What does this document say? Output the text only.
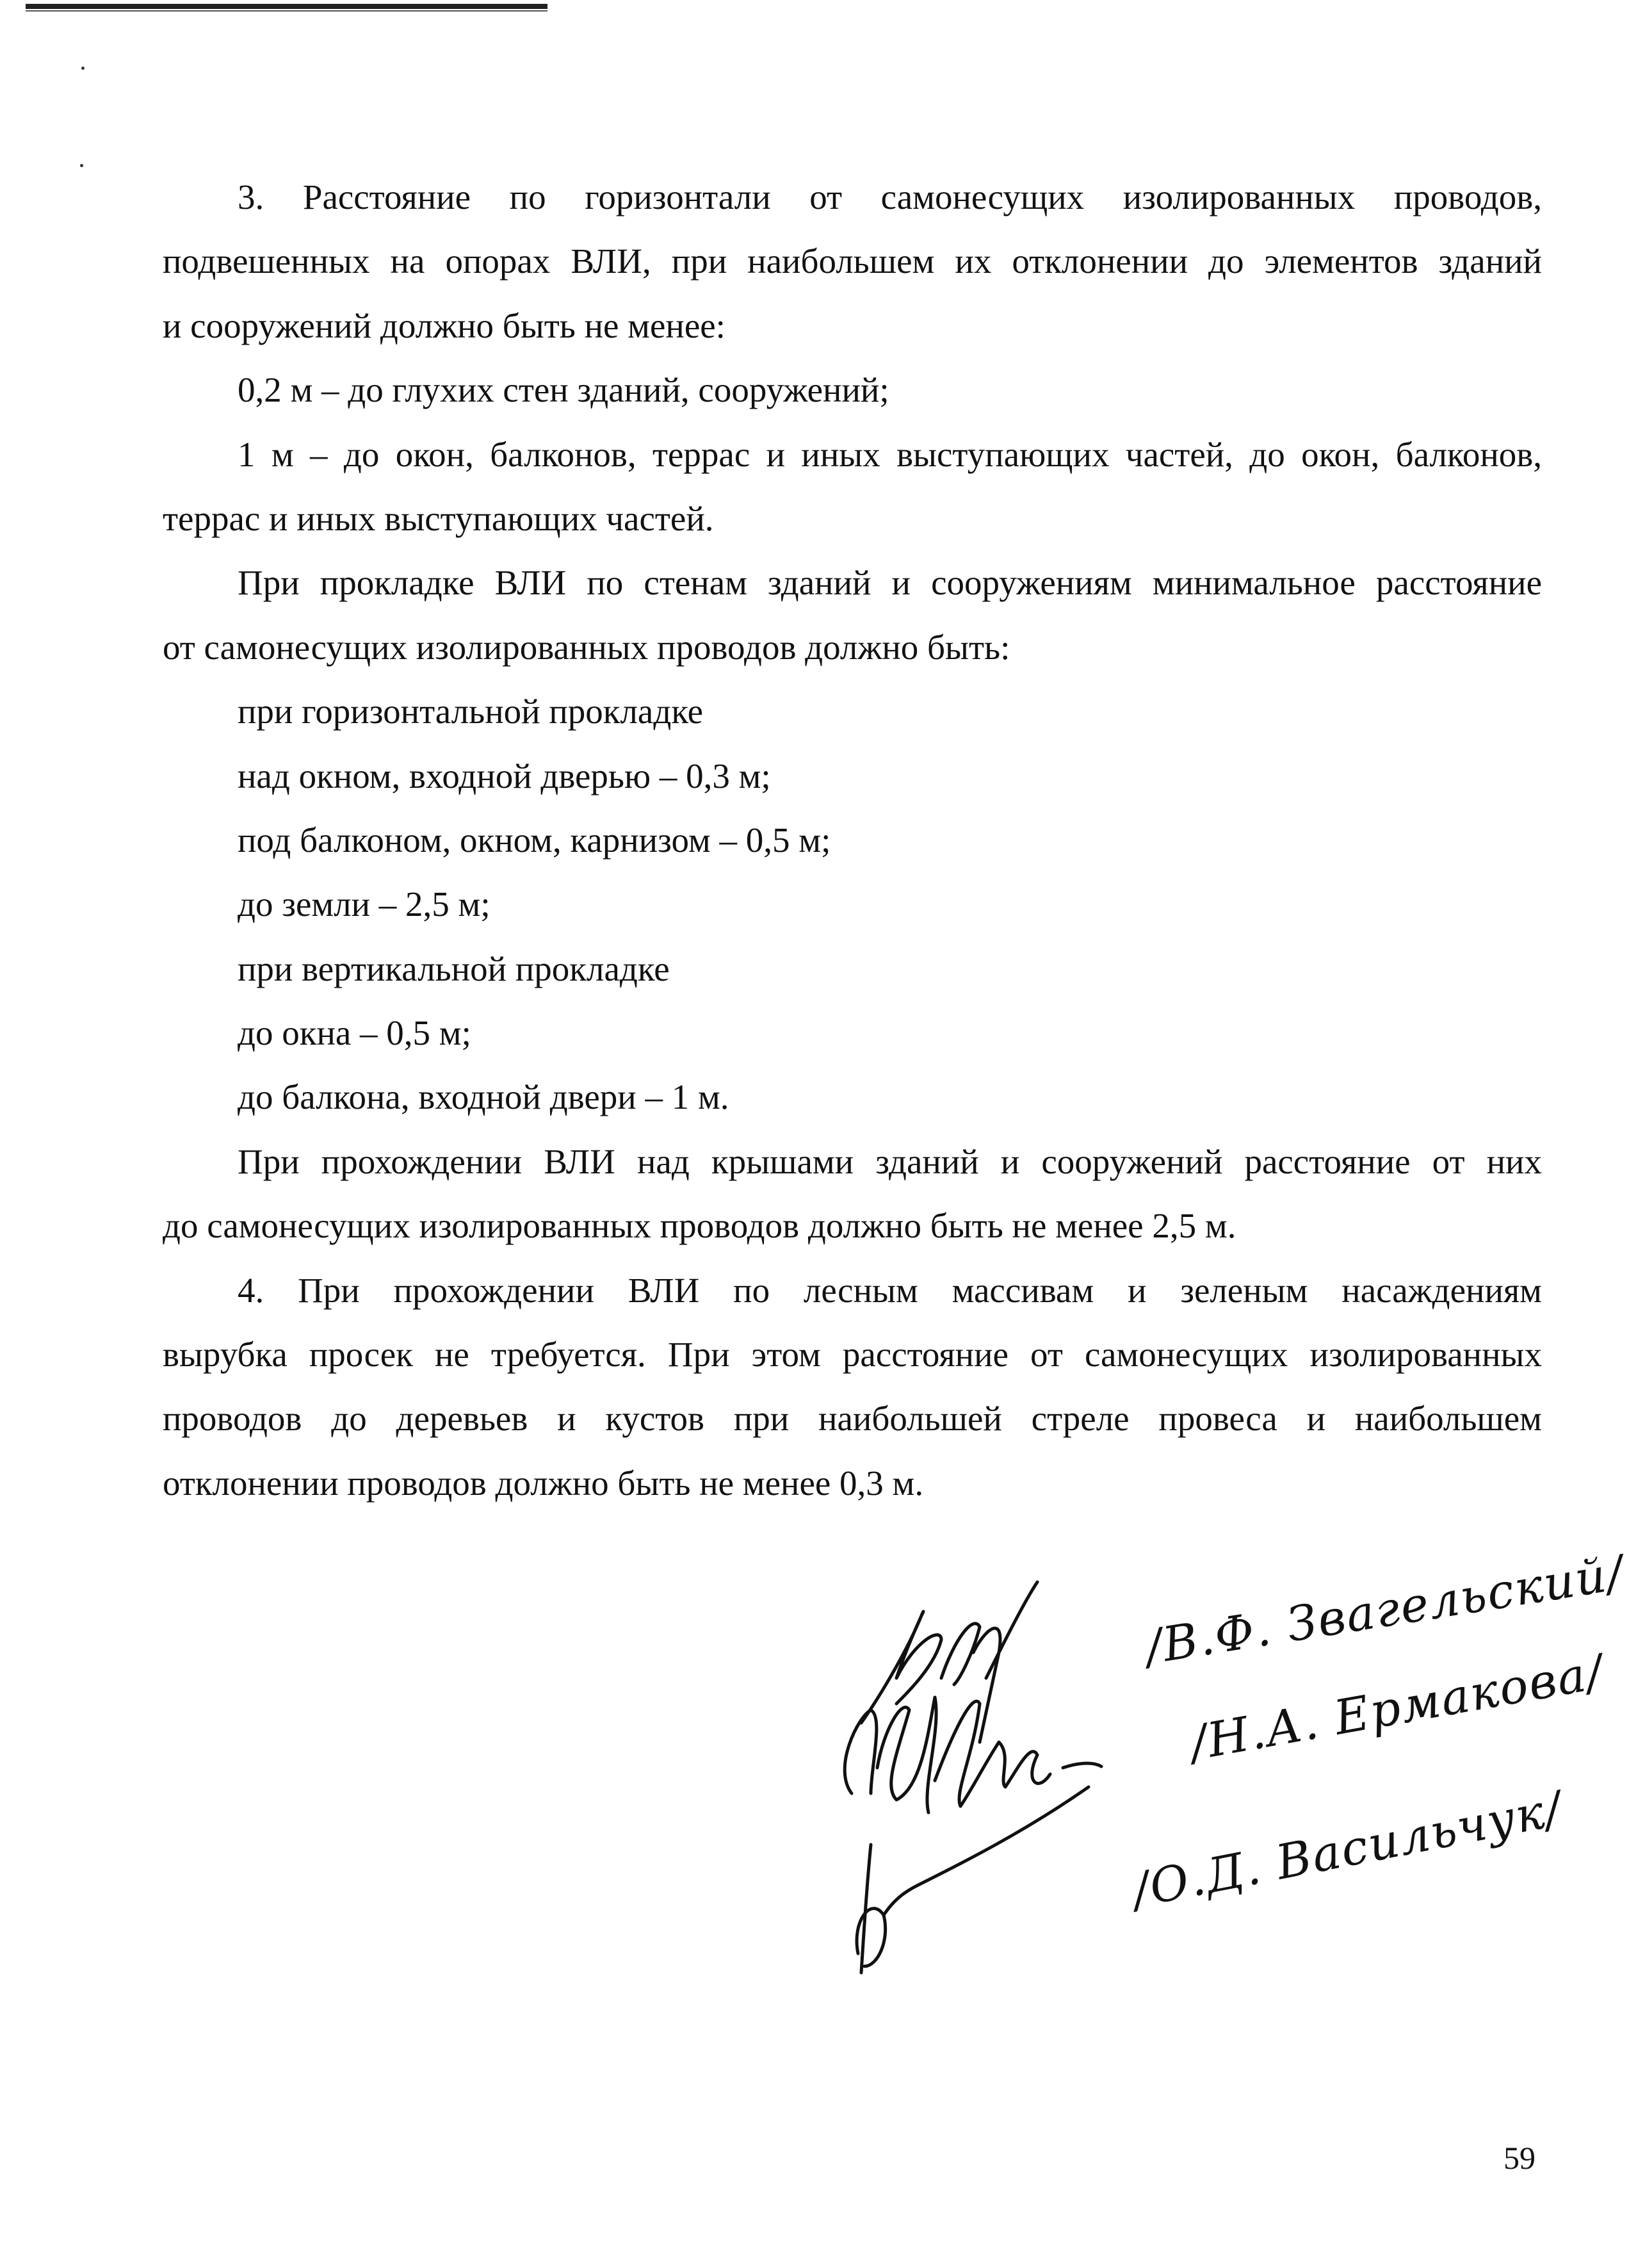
3. Расстояние по горизонтали от самонесущих изолированных проводов,
подвешенных на опорах ВЛИ, при наибольшем их отклонении до элементов зданий
и сооружений должно быть не менее:
0,2 м – до глухих стен зданий, сооружений;
1 м – до окон, балконов, террас и иных выступающих частей, до окон, балконов,
террас и иных выступающих частей.
При прокладке ВЛИ по стенам зданий и сооружениям минимальное расстояние
от самонесущих изолированных проводов должно быть:
при горизонтальной прокладке
над окном, входной дверью – 0,3 м;
под балконом, окном, карнизом – 0,5 м;
до земли – 2,5 м;
при вертикальной прокладке
до окна – 0,5 м;
до балкона, входной двери – 1 м.
При прохождении ВЛИ над крышами зданий и сооружений расстояние от них
до самонесущих изолированных проводов должно быть не менее 2,5 м.
4. При прохождении ВЛИ по лесным массивам и зеленым насаждениям
вырубка просек не требуется. При этом расстояние от самонесущих изолированных
проводов до деревьев и кустов при наибольшей стреле провеса и наибольшем
отклонении проводов должно быть не менее 0,3 м.
/В.Ф. Звагельский/
/Н.А. Ермакова/
/О.Д. Васильчук/
59
